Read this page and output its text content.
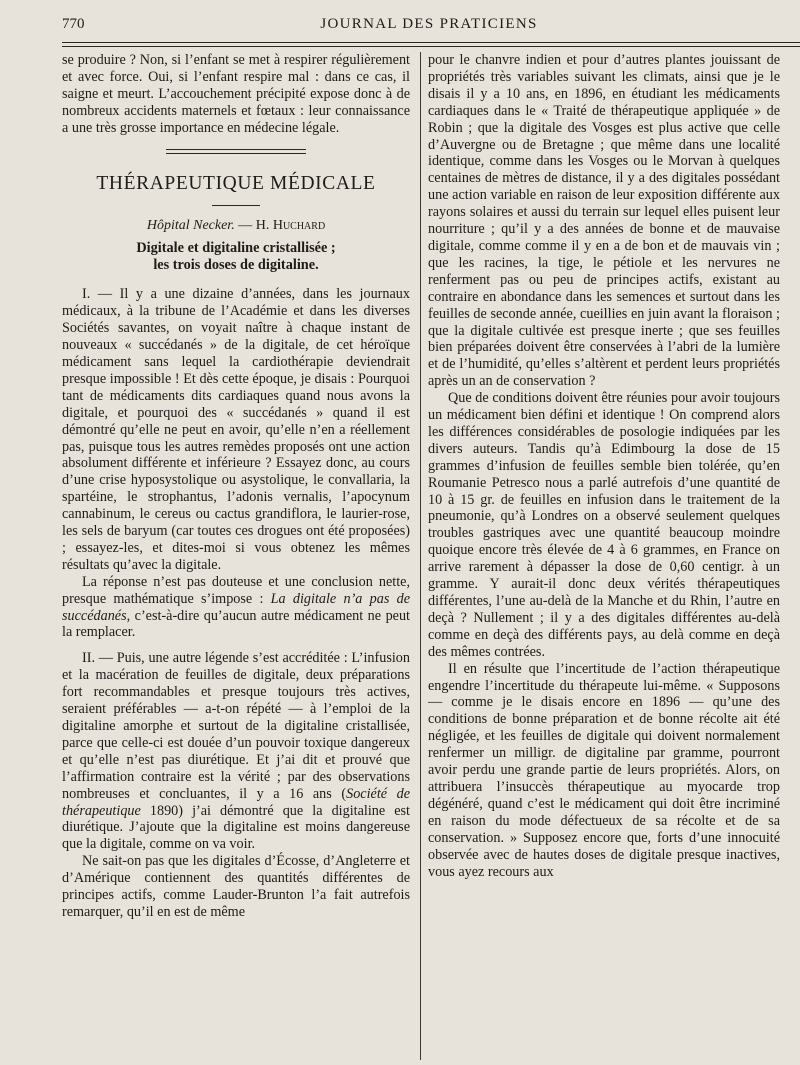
770	JOURNAL DES PRATICIENS

se produire ? Non, si l’enfant se met à respirer régulièrement et avec force. Oui, si l’enfant respire mal : dans ce cas, il saigne et meurt. L’accouchement précipité expose donc à de nombreux accidents maternels et fœtaux : leur connaissance a une très grosse importance en médecine légale.

THÉRAPEUTIQUE MÉDICALE
Hôpital Necker. — H. Huchard
Digitale et digitaline cristallisée ;
les trois doses de digitaline.

I. — Il y a une dizaine d’années, dans les journaux médicaux, à la tribune de l’Académie et dans les diverses Sociétés savantes, on voyait naître à chaque instant de nouveaux « succédanés » de la digitale, de cet héroïque médicament sans lequel la cardiothérapie deviendrait presque impossible ! Et dès cette époque, je disais : Pourquoi tant de médicaments dits cardiaques quand nous avons la digitale, et pourquoi des « succédanés » quand il est démontré qu’elle ne peut en avoir, qu’elle n’en a réellement pas, puisque tous les autres remèdes proposés ont une action absolument différente et inférieure ? Essayez donc, au cours d’une crise hyposystolique ou asystolique, le convallaria, la spartéine, le strophantus, l’adonis vernalis, l’apocynum cannabinum, le cereus ou cactus grandiflora, le laurier-rose, les sels de baryum (car toutes ces drogues ont été proposées) ; essayez-les, et dites-moi si vous obtenez les mêmes résultats qu’avec la digitale.

La réponse n’est pas douteuse et une conclusion nette, presque mathématique s’impose : La digitale n’a pas de succédanés, c’est-à-dire qu’aucun autre médicament ne peut la remplacer.

II. — Puis, une autre légende s’est accréditée : L’infusion et la macération de feuilles de digitale, deux préparations fort recommandables et presque toujours très actives, seraient préférables — a-t-on répété — à l’emploi de la digitaline amorphe et surtout de la digitaline cristallisée, parce que celle-ci est douée d’un pouvoir toxique dangereux et qu’elle n’est pas diurétique. Et j’ai dit et prouvé que l’affirmation contraire est la vérité ; par des observations nombreuses et concluantes, il y a 16 ans (Société de thérapeutique 1890) j’ai démontré que la digitaline est diurétique. J’ajoute que la digitaline est moins dangereuse que la digitale, comme on va voir.

Ne sait-on pas que les digitales d’Écosse, d’Angleterre et d’Amérique contiennent des quantités différentes de principes actifs, comme Lauder-Brunton l’a fait autrefois remarquer, qu’il en est de même

pour le chanvre indien et pour d’autres plantes jouissant de propriétés très variables suivant les climats, ainsi que je le disais il y a 10 ans, en 1896, en étudiant les médicaments cardiaques dans le « Traité de thérapeutique appliquée » de Robin ; que la digitale des Vosges est plus active que celle d’Auvergne ou de Bretagne ; que même dans une localité identique, comme dans les Vosges ou le Morvan à quelques centaines de mètres de distance, il y a des digitales possédant une action variable en raison de leur exposition différente aux rayons solaires et aussi du terrain sur lequel elles puisent leur nourriture ; qu’il y a des années de bonne et de mauvaise digitale, comme comme il y en a de bon et de mauvais vin ; que les racines, la tige, le pétiole et les nervures ne renferment pas ou peu de principes actifs, existant au contraire en abondance dans les semences et surtout dans les feuilles de seconde année, cueillies en juin avant la floraison ; que la digitale cultivée est presque inerte ; que ses feuilles bien préparées doivent être conservées à l’abri de la lumière et de l’humidité, qu’elles s’altèrent et perdent leurs propriétés après un an de conservation ?

Que de conditions doivent être réunies pour avoir toujours un médicament bien défini et identique ! On comprend alors les différences considérables de posologie indiquées par les divers auteurs. Tandis qu’à Edimbourg la dose de 15 grammes d’infusion de feuilles semble bien tolérée, qu’en Roumanie Petresco nous a parlé autrefois d’une quantité de 10 à 15 gr. de feuilles en infusion dans le traitement de la pneumonie, qu’à Londres on a observé seulement quelques troubles gastriques avec une quantité beaucoup moindre quoique encore très élevée de 4 à 6 grammes, en France on arrive rarement à dépasser la dose de 0,60 centigr. à un gramme. Y aurait-il donc deux vérités thérapeutiques différentes, l’une au-delà de la Manche et du Rhin, l’autre en deçà ? Nullement ; il y a des digitales différentes au-delà comme en deçà des différents pays, au delà comme en deçà des mêmes contrées.

Il en résulte que l’incertitude de l’action thérapeutique engendre l’incertitude du thérapeute lui-même. « Supposons — comme je le disais encore en 1896 — qu’une des conditions de bonne préparation et de bonne récolte ait été négligée, et les feuilles de digitale qui doivent normalement renfermer un milligr. de digitaline par gramme, pourront avoir perdu une grande partie de leurs propriétés. Alors, on attribuera l’insuccès thérapeutique au myocarde trop dégénéré, quand c’est le médicament qui doit être incriminé en raison du mode défectueux de sa récolte et de sa conservation. » Supposez encore que, forts d’une innocuité observée avec de hautes doses de digitale presque inactives, vous ayez recours aux
